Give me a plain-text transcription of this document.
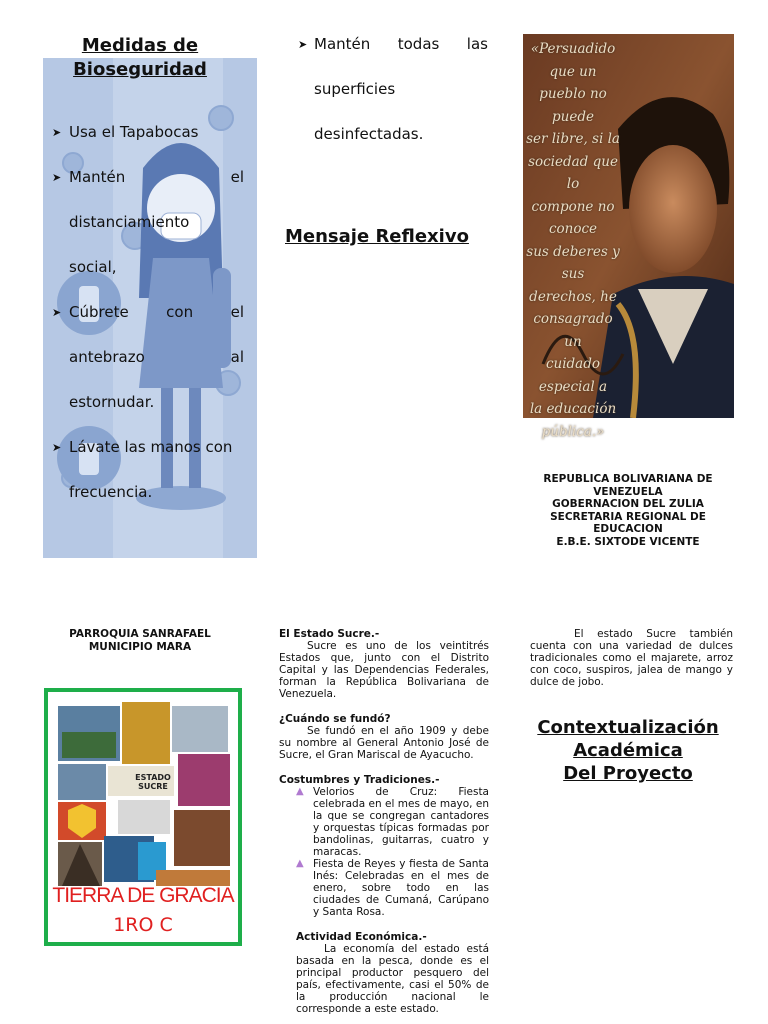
Medidas de
Bioseguridad
➤ Usa el Tapabocas
➤ Mantén	el
distanciamiento
social,
➤ Cúbrete con el
antebrazo	al
estornudar.
➤ Lávate las manos con
frecuencia.
➤ Mantén todas las
superficies
desinfectadas.
Mensaje Reflexivo
«Persuadido que un
pueblo no puede
ser libre, si la
sociedad que lo
compone no conoce
sus deberes y sus
derechos, he
consagrado un
cuidado especial a
la educación
pública.»
REPUBLICA BOLIVARIANA DE VENEZUELA
GOBERNACION DEL ZULIA
SECRETARIA REGIONAL DE EDUCACION
E.B.E. SIXTODE VICENTE
PARROQUIA SANRAFAEL
MUNICIPIO MARA
ESTADO SUCRE
TIERRA DE GRACIA
1RO C

El Estado Sucre.-

Sucre es uno de los veintitrés Estados que, junto con el Distrito Capital y las Dependencias Federales, forman la República Bolivariana de Venezuela.

¿Cuándo se fundó?

Se fundó en el año 1909 y debe su nombre al General Antonio José de Sucre, el Gran Mariscal de Ayacucho.

Costumbres y Tradiciones.-

▲ Velorios de Cruz: Fiesta celebrada en el mes de mayo, en la que se congregan cantadores y orquestas típicas formadas por bandolinas, guitarras, cuatro y maracas.
▲ Fiesta de Reyes y fiesta de Santa Inés: Celebradas en el mes de enero, sobre todo en las ciudades de Cumaná, Carúpano y Santa Rosa.

Actividad Económica.-

La economía del estado está basada en la pesca, donde es el principal productor pesquero del país, efectivamente, casi el 50% de la producción nacional le corresponde a este estado.

El estado Sucre también cuenta con una variedad de dulces tradicionales como el majarete, arroz con coco, suspiros, jalea de mango y dulce de jobo.

Contextualización
Académica
Del Proyecto
